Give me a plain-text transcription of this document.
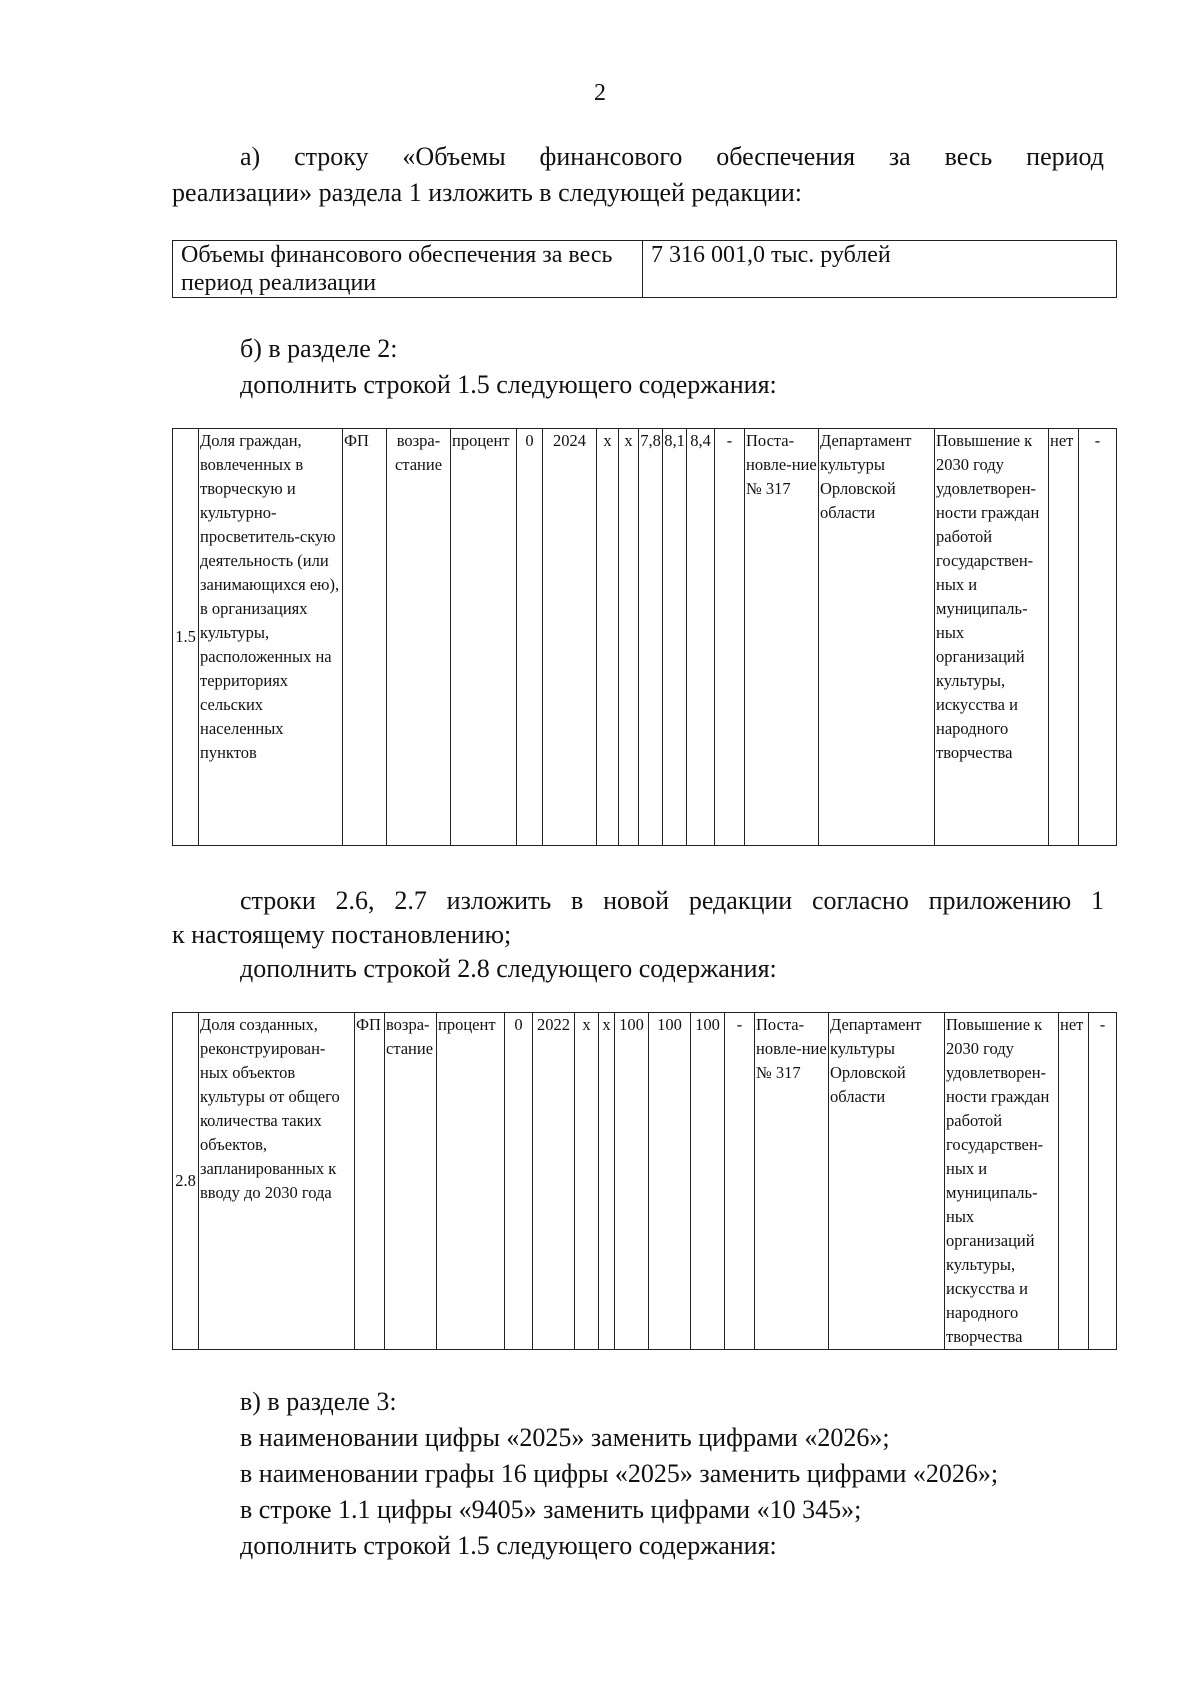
2
а) строку «Объемы финансового обеспечения за весь период
реализации» раздела 1 изложить в следующей редакции:
Объемы финансового обеспечения за весь
период реализации
	7 316 001,0 тыс. рублей
б) в разделе 2:
дополнить строкой 1.5 следующего содержания:
1.5	Доля граждан, вовлеченных в творческую и культурно-просветитель-скую деятельность (или занимающихся ею), в организациях культуры, расположенных на территориях сельских населенных пунктов	ФП	возра-стание	процент	0	2024	х	х	7,8	8,1	8,4	-	Поста-новле-ние № 317	Департамент культуры Орловской области	Повышение к 2030 году удовлетворен-ности граждан работой государствен-ных и муниципаль-ных организаций культуры, искусства и народного творчества	нет	-
строки 2.6, 2.7 изложить в новой редакции согласно приложению 1
к настоящему постановлению;
дополнить строкой 2.8 следующего содержания:
2.8	Доля созданных, реконструирован-ных объектов культуры от общего количества таких объектов, запланированных к вводу до 2030 года	ФП	возра-стание	процент	0	2022	х	х	100	100	100	-	Поста-новле-ние № 317	Департамент культуры Орловской области	Повышение к 2030 году удовлетворен-ности граждан работой государствен-ных и муниципаль-ных организаций культуры, искусства и народного творчества	нет	-
в) в разделе 3:
в наименовании цифры «2025» заменить цифрами «2026»;
в наименовании графы 16 цифры «2025» заменить цифрами «2026»;
в строке 1.1 цифры «9405» заменить цифрами «10 345»;
дополнить строкой 1.5 следующего содержания:
